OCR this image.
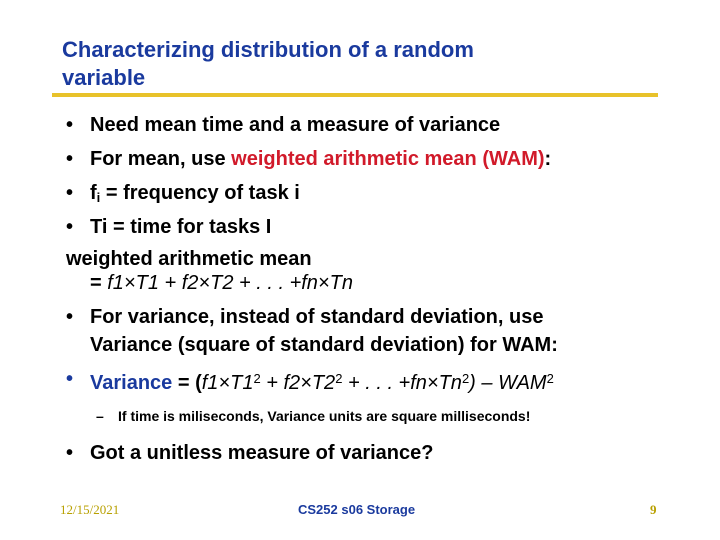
Characterizing distribution of a random
variable
• Need mean time and a measure of variance
• For mean, use weighted arithmetic mean (WAM):
• $f_i$ = frequency of task i
• Ti = time for tasks I
weighted arithmetic mean
= f1×T1 + f2×T2 + . . . +fn×Tn
• For variance, instead of standard deviation, use
Variance (square of standard deviation) for WAM:
• Variance = ($f1\times T1^2 + f2\times T2^2$ + . . . $+fn\times Tn^2) - WAM^2$
– If time is miliseconds, Variance units are square milliseconds!
• Got a unitless measure of variance?
12/15/2021	CS252 s06 Storage	9
